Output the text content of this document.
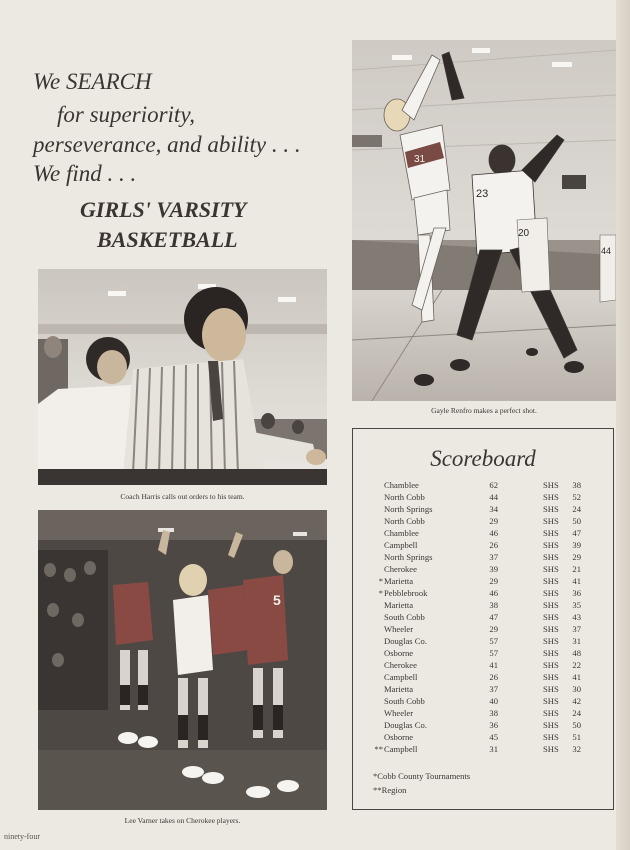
We SEARCH
for superiority,
perseverance, and ability . . .
We find . . .
GIRLS' VARSITY
BASKETBALL
31
23
20
44
Gayle Renfro makes a perfect shot.
Coach Harris calls out orders to his team.
5
Lee Varner takes on Cherokee players.
Scoreboard
Chamblee	62	SHS	38
North Cobb	44	SHS	52
North Springs	34	SHS	24
North Cobb	29	SHS	50
Chamblee	46	SHS	47
Campbell	26	SHS	39
North Springs	37	SHS	29
Cherokee	39	SHS	21
* Marietta	29	SHS	41
* Pebblebrook	46	SHS	36
Marietta	38	SHS	35
South Cobb	47	SHS	43
Wheeler	29	SHS	37
Douglas Co.	57	SHS	31
Osborne	57	SHS	48
Cherokee	41	SHS	22
Campbell	26	SHS	41
Marietta	37	SHS	30
South Cobb	40	SHS	42
Wheeler	38	SHS	24
Douglas Co.	36	SHS	50
Osborne	45	SHS	51
** Campbell	31	SHS	32
*Cobb County Tournaments
**Region
ninety-four
